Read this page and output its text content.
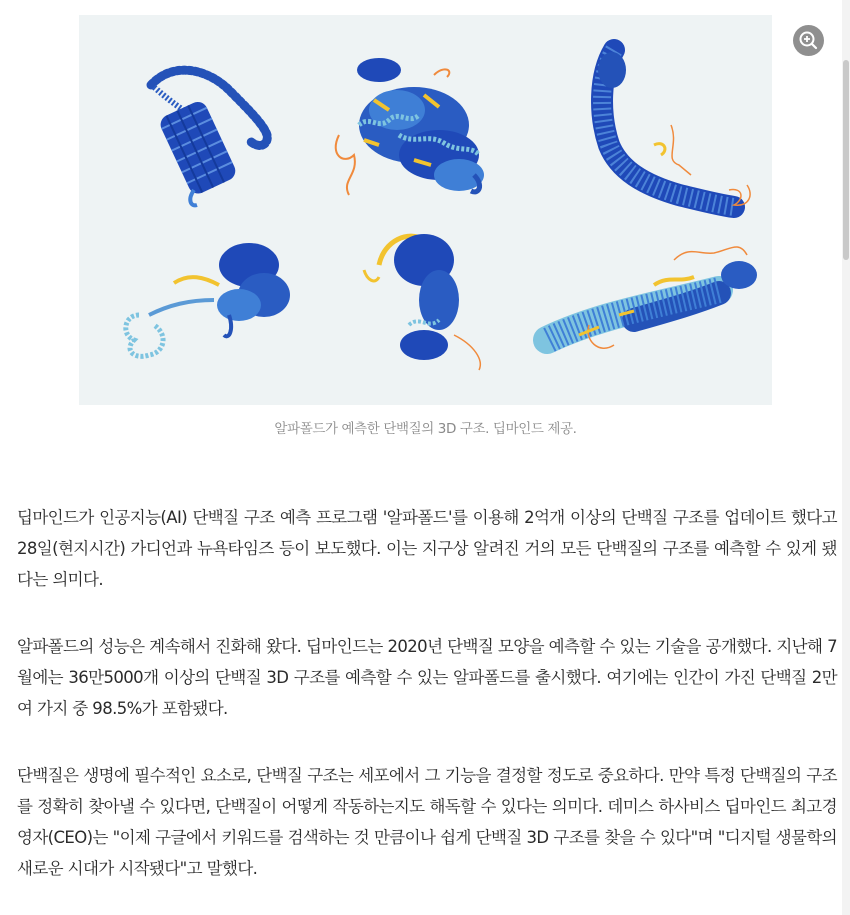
알파폴드가 예측한 단백질의 3D 구조. 딥마인드 제공.

딥마인드가 인공지능(AI) 단백질 구조 예측 프로그램 '알파폴드'를 이용해 2억개 이상의 단백질 구조를 업데이트 했다고 28일(현지시간) 가디언과 뉴욕타임즈 등이 보도했다. 이는 지구상 알려진 거의 모든 단백질의 구조를 예측할 수 있게 됐다는 의미다.

알파폴드의 성능은 계속해서 진화해 왔다. 딥마인드는 2020년 단백질 모양을 예측할 수 있는 기술을 공개했다. 지난해 7월에는 36만5000개 이상의 단백질 3D 구조를 예측할 수 있는 알파폴드를 출시했다. 여기에는 인간이 가진 단백질 2만여 가지 중 98.5%가 포함됐다.

단백질은 생명에 필수적인 요소로, 단백질 구조는 세포에서 그 기능을 결정할 정도로 중요하다. 만약 특정 단백질의 구조를 정확히 찾아낼 수 있다면, 단백질이 어떻게 작동하는지도 해독할 수 있다는 의미다. 데미스 하사비스 딥마인드 최고경영자(CEO)는 "이제 구글에서 키워드를 검색하는 것 만큼이나 쉽게 단백질 3D 구조를 찾을 수 있다"며 "디지털 생물학의 새로운 시대가 시작됐다"고 말했다.
